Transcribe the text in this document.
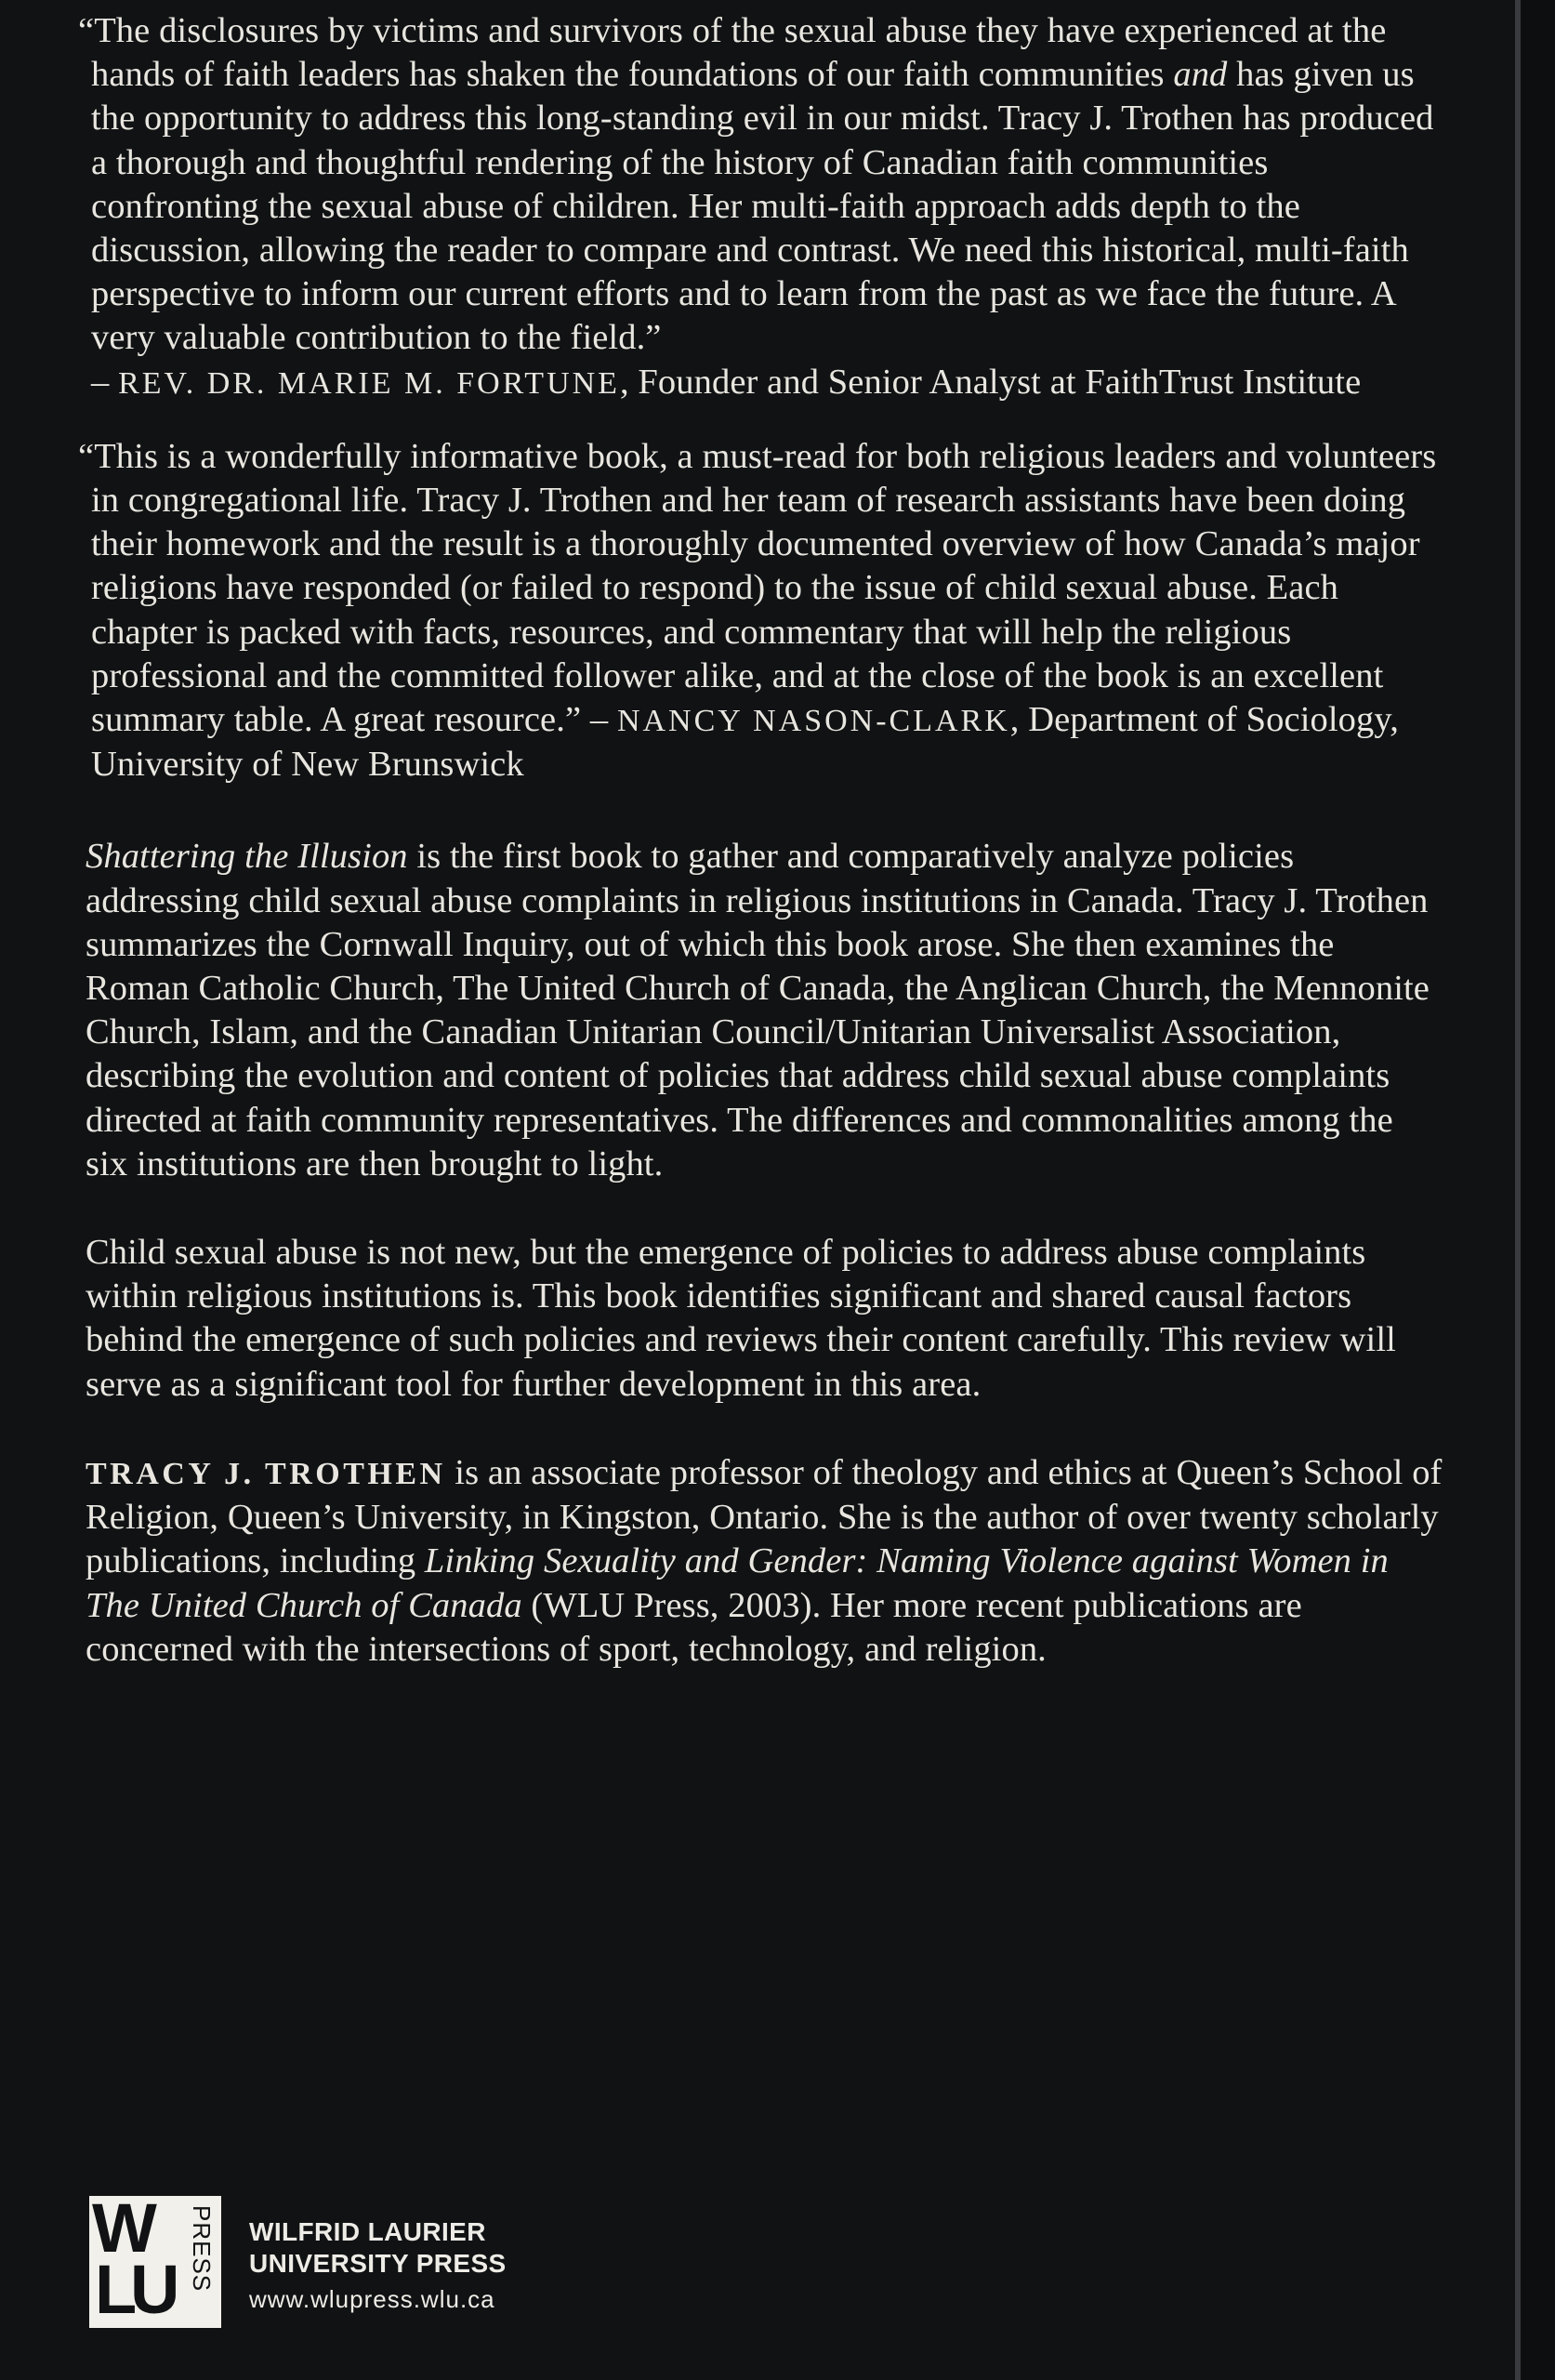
“The disclosures by victims and survivors of the sexual abuse they have experienced at the hands of faith leaders has shaken the foundations of our faith communities and has given us the opportunity to address this long-standing evil in our midst. Tracy J. Trothen has produced a thorough and thoughtful rendering of the history of Canadian faith communities confronting the sexual abuse of children. Her multi-faith approach adds depth to the discussion, allowing the reader to compare and contrast. We need this historical, multi-faith perspective to inform our current efforts and to learn from the past as we face the future. A very valuable contribution to the field.”
– REV. DR. MARIE M. FORTUNE, Founder and Senior Analyst at FaithTrust Institute

“This is a wonderfully informative book, a must-read for both religious leaders and volunteers in congregational life. Tracy J. Trothen and her team of research assistants have been doing their homework and the result is a thoroughly documented overview of how Canada’s major religions have responded (or failed to respond) to the issue of child sexual abuse. Each chapter is packed with facts, resources, and commentary that will help the religious professional and the committed follower alike, and at the close of the book is an excellent summary table. A great resource.” – NANCY NASON-CLARK, Department of Sociology, University of New Brunswick

Shattering the Illusion is the first book to gather and comparatively analyze policies addressing child sexual abuse complaints in religious institutions in Canada. Tracy J. Trothen summarizes the Cornwall Inquiry, out of which this book arose. She then examines the Roman Catholic Church, The United Church of Canada, the Anglican Church, the Mennonite Church, Islam, and the Canadian Unitarian Council/Unitarian Universalist Association, describing the evolution and content of policies that address child sexual abuse complaints directed at faith community representatives. The differences and commonalities among the six institutions are then brought to light.

Child sexual abuse is not new, but the emergence of policies to address abuse complaints within religious institutions is. This book identifies significant and shared causal factors behind the emergence of such policies and reviews their content carefully. This review will serve as a significant tool for further development in this area.

TRACY J. TROTHEN is an associate professor of theology and ethics at Queen’s School of Religion, Queen’s University, in Kingston, Ontario. She is the author of over twenty scholarly publications, including Linking Sexuality and Gender: Naming Violence against Women in The United Church of Canada (WLU Press, 2003). Her more recent publications are concerned with the intersections of sport, technology, and religion.

W
L
U PRESS WILFRID LAURIER
UNIVERSITY PRESS
www.wlupress.wlu.ca
